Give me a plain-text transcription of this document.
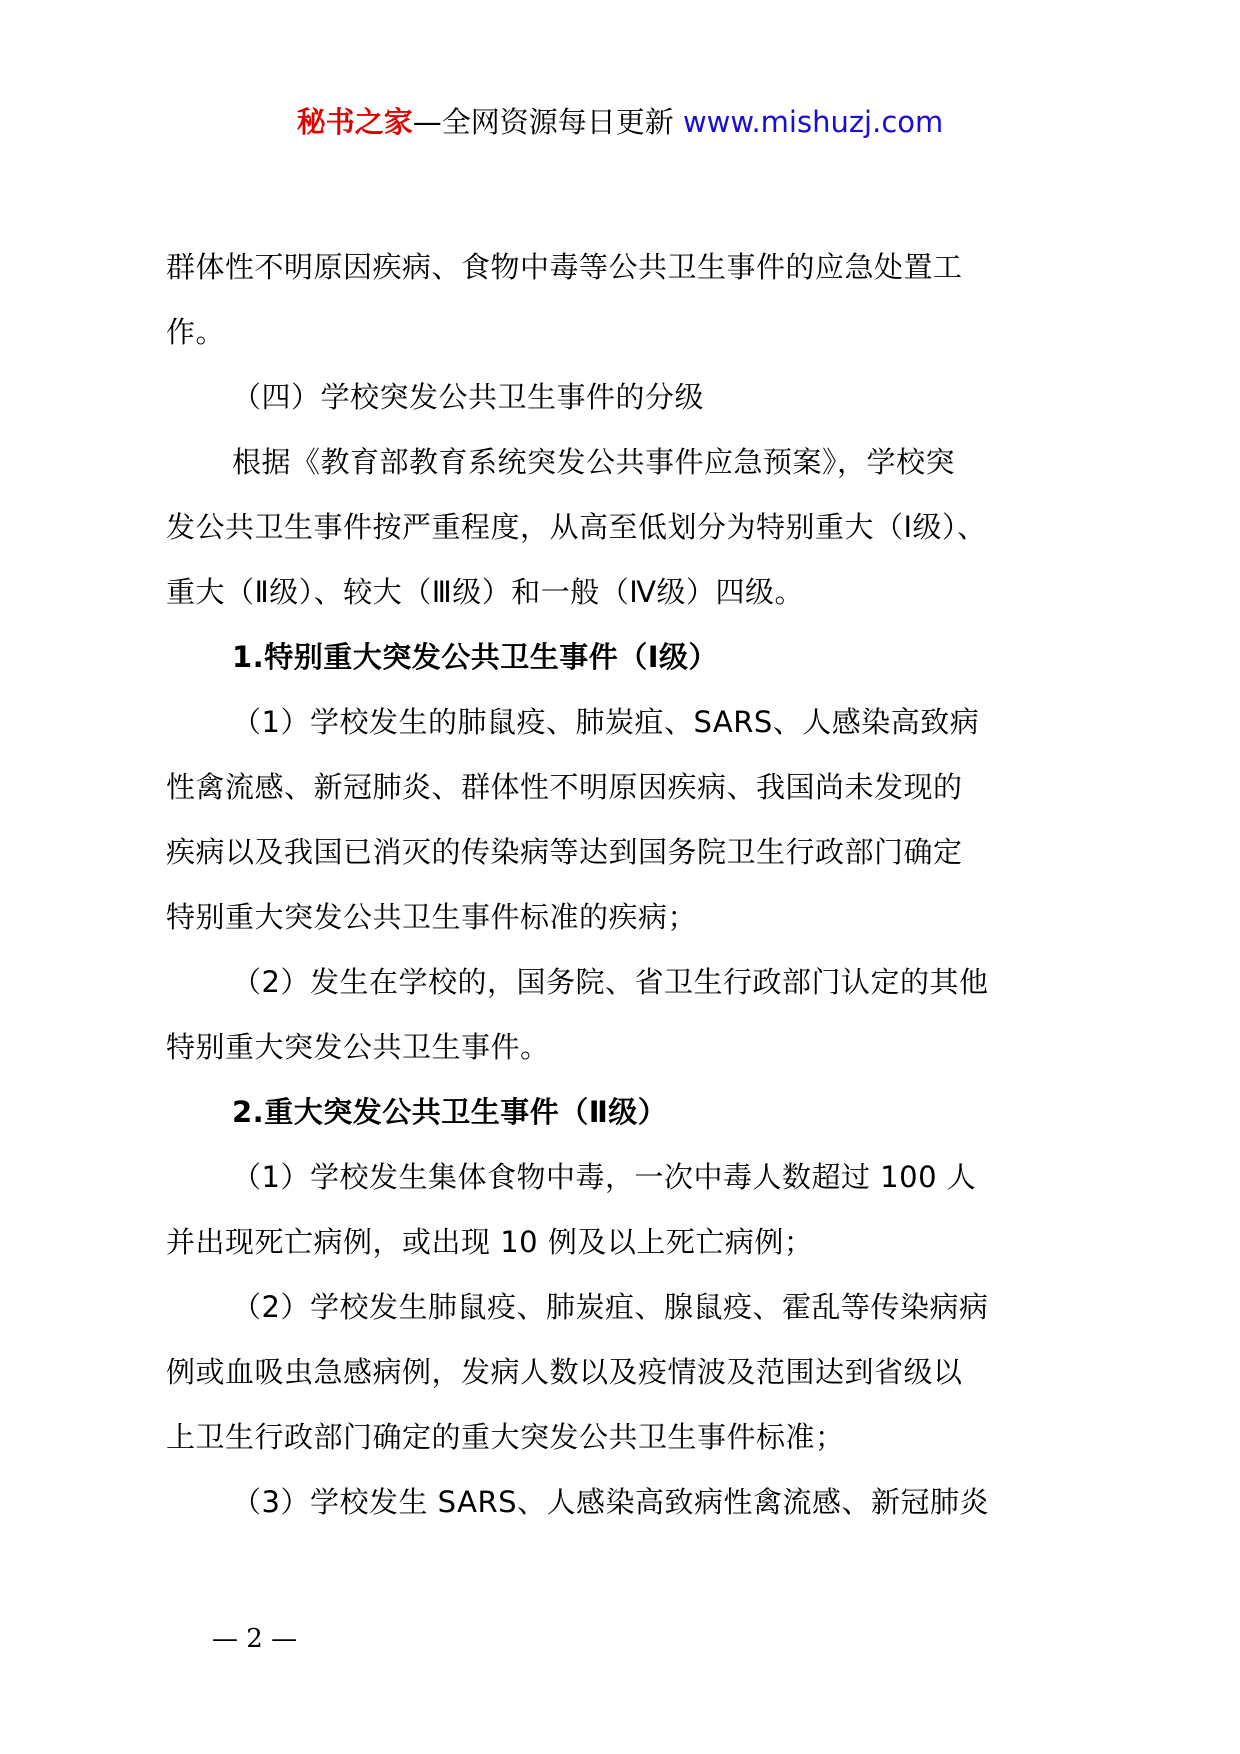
秘书之家—全网资源每日更新 www.mishuzj.com

群体性不明原因疾病、食物中毒等公共卫生事件的应急处置工

作。

（四）学校突发公共卫生事件的分级

根据《教育部教育系统突发公共事件应急预案》，学校突

发公共卫生事件按严重程度，从高至低划分为特别重大（Ⅰ级）、

重大（Ⅱ级）、较大（Ⅲ级）和一般（Ⅳ级）四级。

1.特别重大突发公共卫生事件（Ⅰ级）

（1）学校发生的肺鼠疫、肺炭疽、SARS、人感染高致病

性禽流感、新冠肺炎、群体性不明原因疾病、我国尚未发现的

疾病以及我国已消灭的传染病等达到国务院卫生行政部门确定

特别重大突发公共卫生事件标准的疾病；

（2）发生在学校的，国务院、省卫生行政部门认定的其他

特别重大突发公共卫生事件。

2.重大突发公共卫生事件（Ⅱ级）

（1）学校发生集体食物中毒，一次中毒人数超过 100 人

并出现死亡病例，或出现 10 例及以上死亡病例；

（2）学校发生肺鼠疫、肺炭疽、腺鼠疫、霍乱等传染病病

例或血吸虫急感病例，发病人数以及疫情波及范围达到省级以

上卫生行政部门确定的重大突发公共卫生事件标准；

（3）学校发生 SARS、人感染高致病性禽流感、新冠肺炎

— 2 —
